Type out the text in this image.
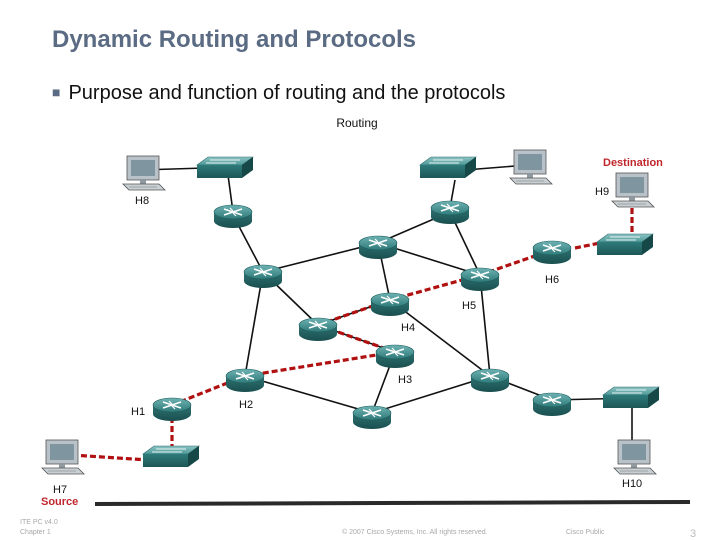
Dynamic Routing and Protocols
■ Purpose and function of routing and the protocols
Routing
H8
H9
H6
H5
H4
H3
H2
H1
H7	H10
Destination
Source
ITE PC v4.0
Chapter 1	© 2007 Cisco Systems, Inc. All rights reserved.	Cisco Public	3
